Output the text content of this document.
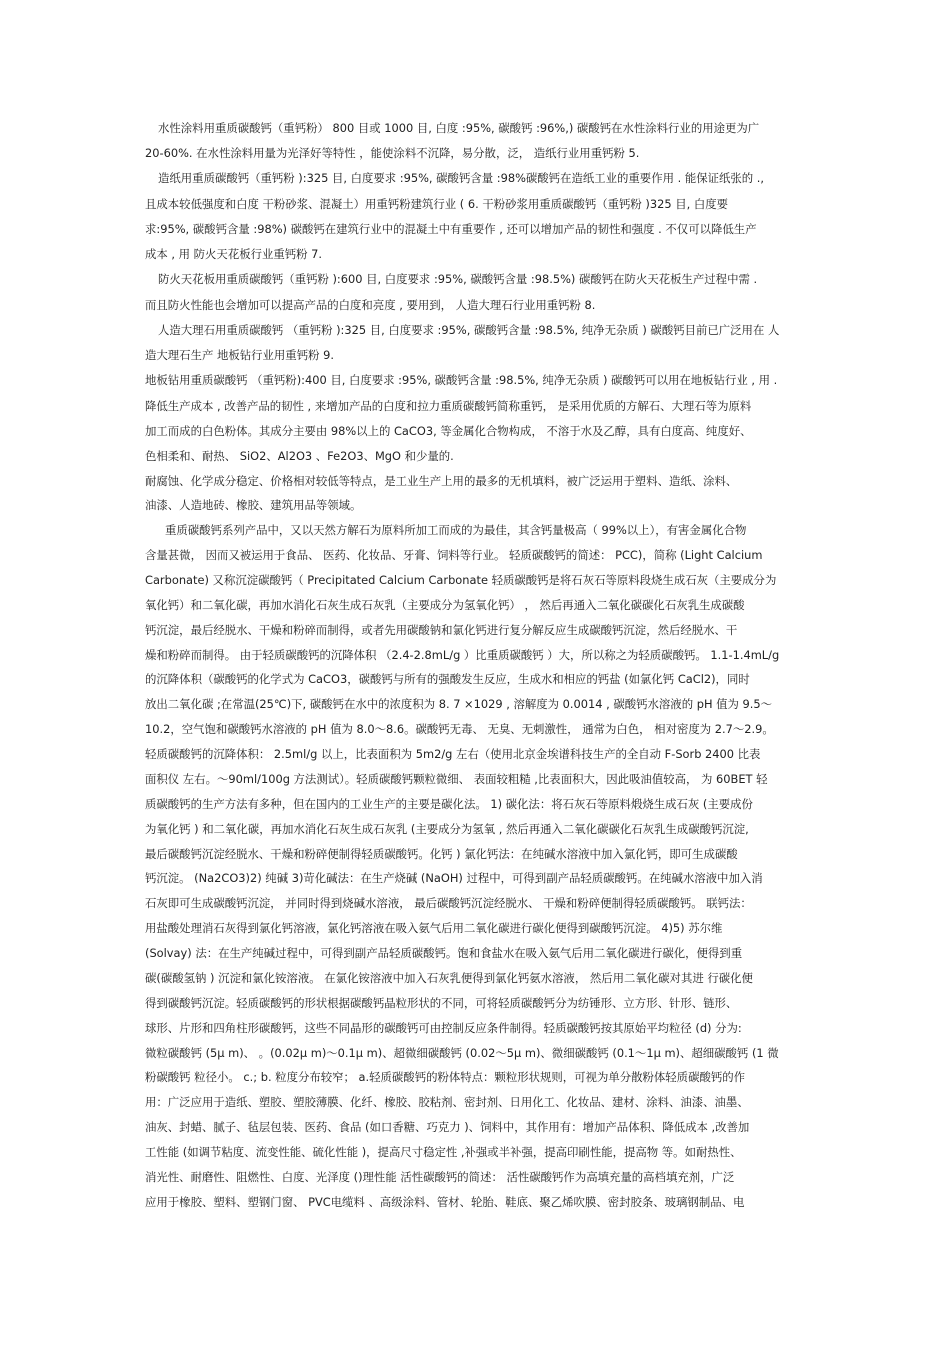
水性涂料用重质碳酸钙（重钙粉） 800 目或 1000 目, 白度 :95%, 碳酸钙 :96%,) 碳酸钙在水性涂料行业的用途更为广
20-60%. 在水性涂料用量为光泽好等特性 ，能使涂料不沉降，易分散，泛， 造纸行业用重钙粉 5.
造纸用重质碳酸钙（重钙粉 ):325 目, 白度要求 :95%, 碳酸钙含量 :98%碳酸钙在造纸工业的重要作用 . 能保证纸张的 .,
且成本较低强度和白度 干粉砂浆、混凝土）用重钙粉建筑行业 ( 6. 干粉砂浆用重质碳酸钙（重钙粉 )325 目, 白度要
求:95%, 碳酸钙含量 :98%) 碳酸钙在建筑行业中的混凝土中有重要作 , 还可以增加产品的韧性和强度 . 不仅可以降低生产
成本 , 用 防火天花板行业重钙粉 7.
防火天花板用重质碳酸钙（重钙粉 ):600 目, 白度要求 :95%, 碳酸钙含量 :98.5%) 碳酸钙在防火天花板生产过程中需 .
而且防火性能也会增加可以提高产品的白度和亮度 , 要用到， 人造大理石行业用重钙粉 8.
人造大理石用重质碳酸钙 （重钙粉 ):325 目, 白度要求 :95%, 碳酸钙含量 :98.5%, 纯净无杂质 ) 碳酸钙目前已广泛用在 人
造大理石生产 地板钻行业用重钙粉 9.
地板钻用重质碳酸钙 （重钙粉):400 目, 白度要求 :95%, 碳酸钙含量 :98.5%, 纯净无杂质 ) 碳酸钙可以用在地板钻行业 , 用 .
降低生产成本 , 改善产品的韧性 , 来增加产品的白度和拉力重质碳酸钙简称重钙， 是采用优质的方解石、大理石等为原料
加工而成的白色粉体。其成分主要由 98%以上的 CaCO3, 等金属化合物构成， 不溶于水及乙醇，具有白度高、纯度好、
色相柔和、耐热、 SiO2、Al2O3 、Fe2O3、MgO 和少量的.
耐腐蚀、化学成分稳定、价格相对较低等特点，是工业生产上用的最多的无机填料，被广泛运用于塑料、造纸、涂料、
油漆、人造地砖、橡胶、建筑用品等领域。
重质碳酸钙系列产品中，又以天然方解石为原料所加工而成的为最佳，其含钙量极高（ 99%以上），有害金属化合物
含量甚微， 因而又被运用于食品、 医药、化妆品、牙膏、饲料等行业。 轻质碳酸钙的简述： PCC)，简称 (Light Calcium
Carbonate) 又称沉淀碳酸钙（ Precipitated Calcium Carbonate 轻质碳酸钙是将石灰石等原料段烧生成石灰（主要成分为
氧化钙）和二氧化碳，再加水消化石灰生成石灰乳（主要成分为氢氧化钙） ， 然后再通入二氧化碳碳化石灰乳生成碳酸
钙沉淀，最后经脱水、干燥和粉碎而制得，或者先用碳酸钠和氯化钙进行复分解反应生成碳酸钙沉淀，然后经脱水、干
燥和粉碎而制得。 由于轻质碳酸钙的沉降体积 （2.4-2.8mL/g ）比重质碳酸钙 ）大，所以称之为轻质碳酸钙。 1.1-1.4mL/g
的沉降体积（碳酸钙的化学式为 CaCO3，碳酸钙与所有的强酸发生反应，生成水和相应的钙盐 (如氯化钙 CaCl2)，同时
放出二氧化碳 ;在常温(25℃)下, 碳酸钙在水中的浓度积为 8. 7 ×1029 , 溶解度为 0.0014 , 碳酸钙水溶液的 pH 值为 9.5～
10.2，空气饱和碳酸钙水溶液的 pH 值为 8.0～8.6。碳酸钙无毒、 无臭、无刺激性， 通常为白色， 相对密度为 2.7～2.9。
轻质碳酸钙的沉降体积： 2.5ml/g 以上，比表面积为 5m2/g 左右（使用北京金埃谱科技生产的全自动 F-Sorb 2400 比表
面积仪 左右。～90ml/100g 方法测试）。轻质碳酸钙颗粒微细、 表面较粗糙 ,比表面积大，因此吸油值较高， 为 60BET 轻
质碳酸钙的生产方法有多种，但在国内的工业生产的主要是碳化法。 1) 碳化法：将石灰石等原料煅烧生成石灰 (主要成份
为氧化钙 ) 和二氧化碳，再加水消化石灰生成石灰乳 (主要成分为氢氧 , 然后再通入二氧化碳碳化石灰乳生成碳酸钙沉淀,
最后碳酸钙沉淀经脱水、干燥和粉碎便制得轻质碳酸钙。化钙 ) 氯化钙法：在纯碱水溶液中加入氯化钙，即可生成碳酸
钙沉淀。 (Na2CO3)2) 纯碱 3)苛化碱法：在生产烧碱 (NaOH) 过程中，可得到副产品轻质碳酸钙。在纯碱水溶液中加入消
石灰即可生成碳酸钙沉淀， 并同时得到烧碱水溶液， 最后碳酸钙沉淀经脱水、 干燥和粉碎便制得轻质碳酸钙。 联钙法：
用盐酸处理消石灰得到氯化钙溶液，氯化钙溶液在吸入氨气后用二氧化碳进行碳化便得到碳酸钙沉淀。 4)5) 苏尔维
(Solvay) 法：在生产纯碱过程中，可得到副产品轻质碳酸钙。饱和食盐水在吸入氨气后用二氧化碳进行碳化，便得到重
碳(碳酸氢钠 ) 沉淀和氯化铵溶液。 在氯化铵溶液中加入石灰乳便得到氯化钙氨水溶液， 然后用二氧化碳对其进 行碳化便
得到碳酸钙沉淀。轻质碳酸钙的形状根据碳酸钙晶粒形状的不同，可将轻质碳酸钙分为纺锤形、立方形、针形、链形、
球形、片形和四角柱形碳酸钙，这些不同晶形的碳酸钙可由控制反应条件制得。轻质碳酸钙按其原始平均粒径 (d) 分为:
微粒碳酸钙 (5μ m)、 。(0.02μ m)～0.1μ m)、超微细碳酸钙 (0.02～5μ m)、微细碳酸钙 (0.1～1μ m)、超细碳酸钙 (1 微
粉碳酸钙 粒径小。 c.; b. 粒度分布较窄； a.轻质碳酸钙的粉体特点：颗粒形状规则，可视为单分散粉体轻质碳酸钙的作
用：广泛应用于造纸、塑胶、塑胶薄膜、化纤、橡胶、胶粘剂、密封剂、日用化工、化妆品、建材、涂料、油漆、油墨、
油灰、封蜡、腻子、毡层包装、医药、食品 (如口香糖、巧克力 )、饲料中，其作用有：增加产品体积、降低成本 ,改善加
工性能 (如调节粘度、流变性能、硫化性能 )，提高尺寸稳定性 ,补强或半补强，提高印刷性能，提高物 等。如耐热性、
消光性、耐磨性、阻燃性、白度、光泽度 ()理性能 活性碳酸钙的简述： 活性碳酸钙作为高填充量的高档填充剂，广泛
应用于橡胶、塑料、塑钢门窗、 PVC电缆料 、高级涂料、管材、轮胎、鞋底、聚乙烯吹膜、密封胶条、玻璃钢制品、电
